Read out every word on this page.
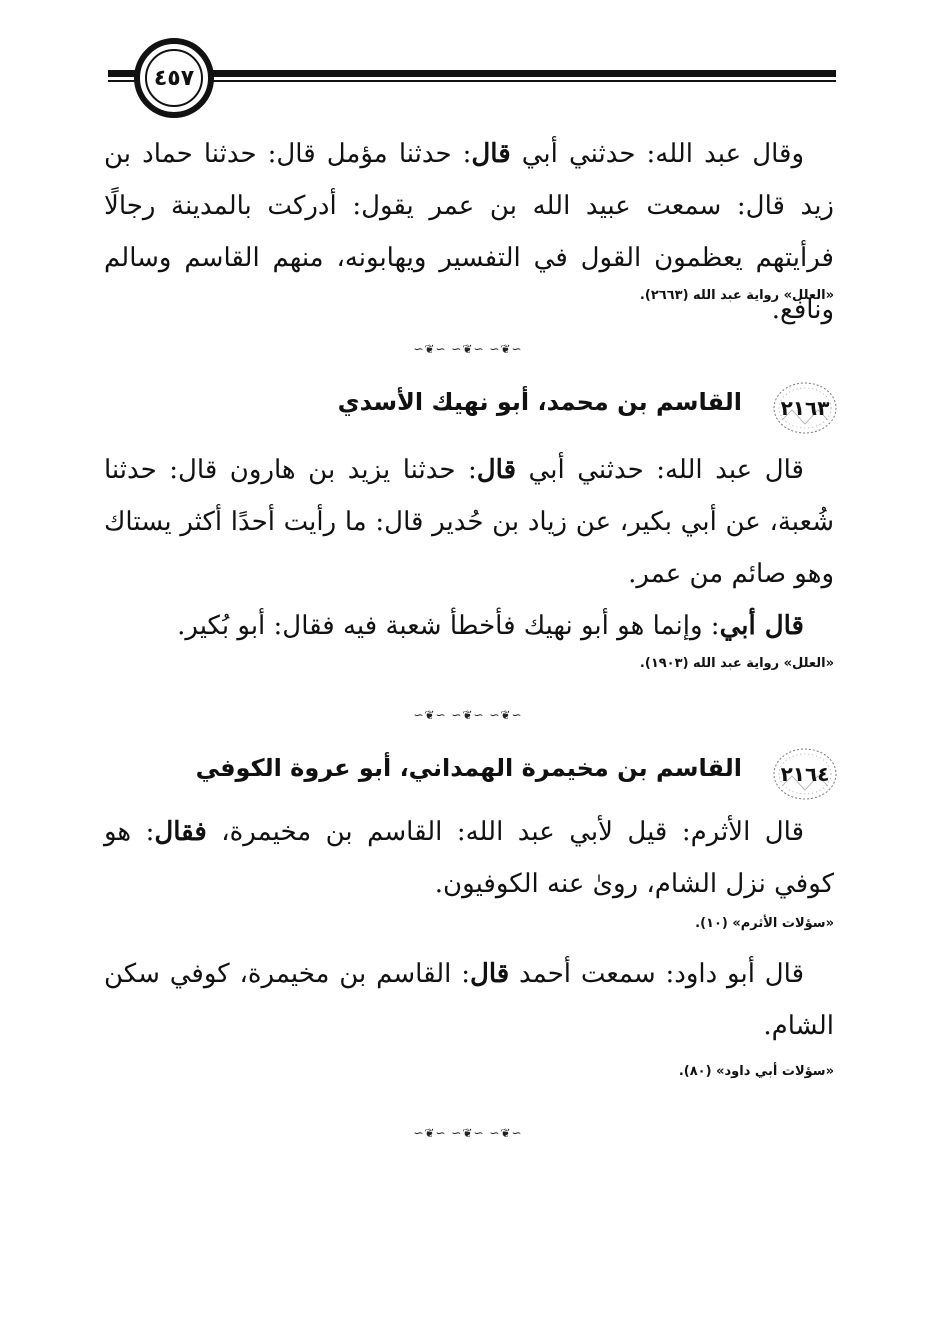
٤٥٧

وقال عبد الله: حدثني أبي قال: حدثنا مؤمل قال: حدثنا حماد بن زيد قال: سمعت عبيد الله بن عمر يقول: أدركت بالمدينة رجالًا فرأيتهم يعظمون القول في التفسير ويهابونه، منهم القاسم وسالم ونافع.

«العلل» رواية عبد الله (٢٦٦٣).
∽❦∽ ∽❦∽ ∽❦∽
٢١٦٣
القاسم بن محمد، أبو نهيك الأسدي

قال عبد الله: حدثني أبي قال: حدثنا يزيد بن هارون قال: حدثنا شُعبة، عن أبي بكير، عن زياد بن حُدير قال: ما رأيت أحدًا أكثر يستاك وهو صائم من عمر.

قال أبي: وإنما هو أبو نهيك فأخطأ شعبة فيه فقال: أبو بُكير.

«العلل» رواية عبد الله (١٩٠٣).
∽❦∽ ∽❦∽ ∽❦∽
٢١٦٤
القاسم بن مخيمرة الهمداني، أبو عروة الكوفي

قال الأثرم: قيل لأبي عبد الله: القاسم بن مخيمرة، فقال: هو كوفي نزل الشام، روىٰ عنه الكوفيون.

«سؤلات الأثرم» (١٠).

قال أبو داود: سمعت أحمد قال: القاسم بن مخيمرة، كوفي سكن الشام.

«سؤلات أبي داود» (٨٠).
∽❦∽ ∽❦∽ ∽❦∽
